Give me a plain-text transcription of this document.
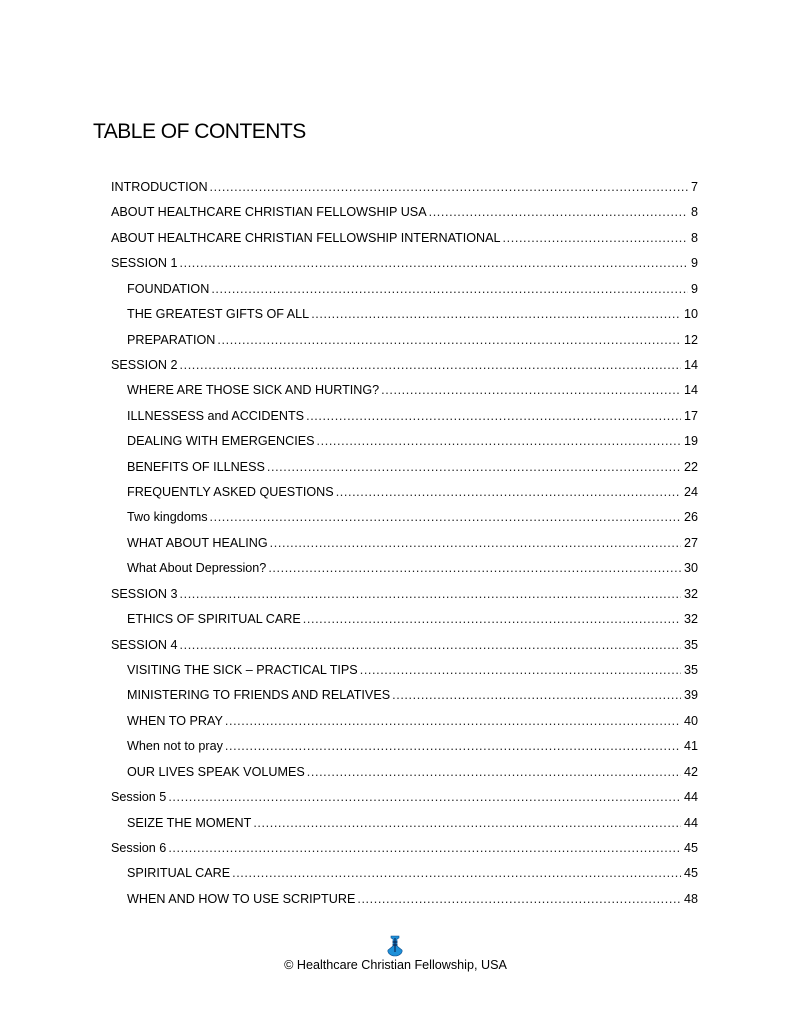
TABLE OF CONTENTS
INTRODUCTION .....	7
ABOUT HEALTHCARE CHRISTIAN FELLOWSHIP USA .....	8
ABOUT HEALTHCARE CHRISTIAN FELLOWSHIP INTERNATIONAL .....	8
SESSION 1 .....	9
FOUNDATION .....	9
THE GREATEST GIFTS OF ALL .....	10
PREPARATION .....	12
SESSION 2 .....	14
WHERE ARE THOSE SICK AND HURTING? .....	14
ILLNESSESS and ACCIDENTS .....	17
DEALING WITH EMERGENCIES .....	19
BENEFITS OF ILLNESS .....	22
FREQUENTLY ASKED QUESTIONS .....	24
Two kingdoms .....	26
WHAT ABOUT HEALING .....	27
What About Depression? .....	30
SESSION 3 .....	32
ETHICS OF SPIRITUAL CARE .....	32
SESSION 4 .....	35
VISITING THE SICK – PRACTICAL TIPS .....	35
MINISTERING TO FRIENDS AND RELATIVES .....	39
WHEN TO PRAY .....	40
When not to pray .....	41
OUR LIVES SPEAK VOLUMES .....	42
Session 5 .....	44
SEIZE THE MOMENT .....	44
Session 6 .....	45
SPIRITUAL CARE .....	45
WHEN AND HOW TO USE SCRIPTURE .....	48
© Healthcare Christian Fellowship, USA
